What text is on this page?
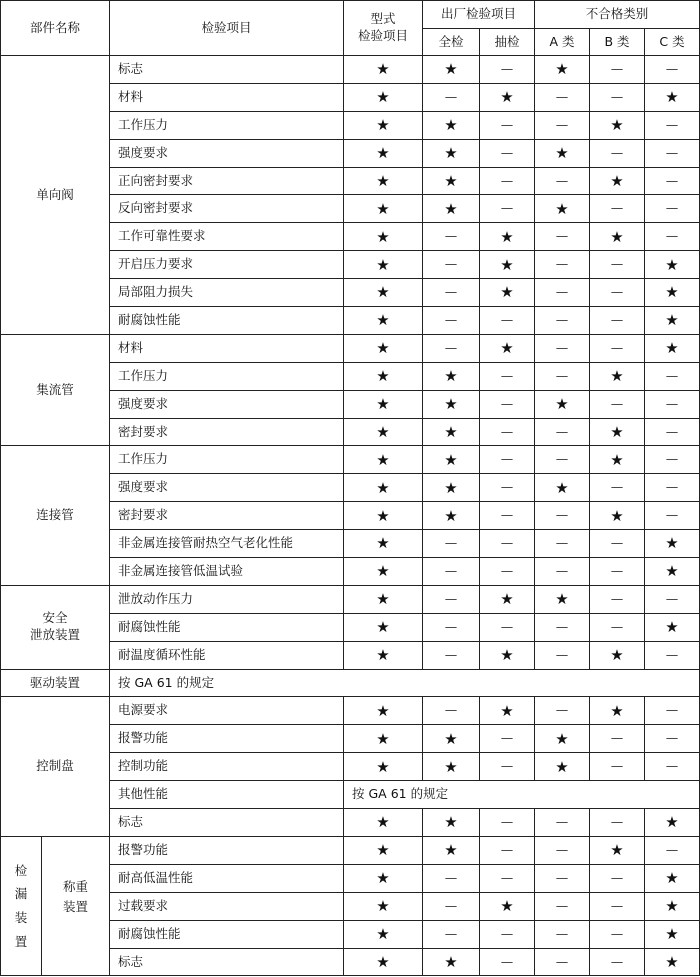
部件名称		检验项目	型式
检验项目	出厂检验项目		不合格类别		
				全检	抽检	A 类	B 类	C 类
单向阀		标志	★	★	—	★	—	—
		材料	★	—	★	—	—	★
		工作压力	★	★	—	—	★	—
		强度要求	★	★	—	★	—	—
		正向密封要求	★	★	—	—	★	—
		反向密封要求	★	★	—	★	—	—
		工作可靠性要求	★	—	★	—	★	—
		开启压力要求	★	—	★	—	—	★
		局部阻力损失	★	—	★	—	—	★
		耐腐蚀性能	★	—	—	—	—	★
集流管		材料	★	—	★	—	—	★
		工作压力	★	★	—	—	★	—
		强度要求	★	★	—	★	—	—
		密封要求	★	★	—	—	★	—
连接管		工作压力	★	★	—	—	★	—
		强度要求	★	★	—	★	—	—
		密封要求	★	★	—	—	★	—
		非金属连接管耐热空气老化性能	★	—	—	—	—	★
		非金属连接管低温试验	★	—	—	—	—	★
安全
泄放装置		泄放动作压力	★	—	★	★	—	—
		耐腐蚀性能	★	—	—	—	—	★
		耐温度循环性能	★	—	★	—	★	—
驱动装置		按 GA 61 的规定						
控制盘		电源要求	★	—	★	—	★	—
		报警功能	★	★	—	★	—	—
		控制功能	★	★	—	★	—	—
		其他性能	按 GA 61 的规定					
		标志	★	★	—	—	—	★
检
漏
装
置	称重
装置	报警功能	★	★	—	—	★	—
		耐高低温性能	★	—	—	—	—	★
		过载要求	★	—	★	—	—	★
		耐腐蚀性能	★	—	—	—	—	★
		标志	★	★	—	—	—	★
